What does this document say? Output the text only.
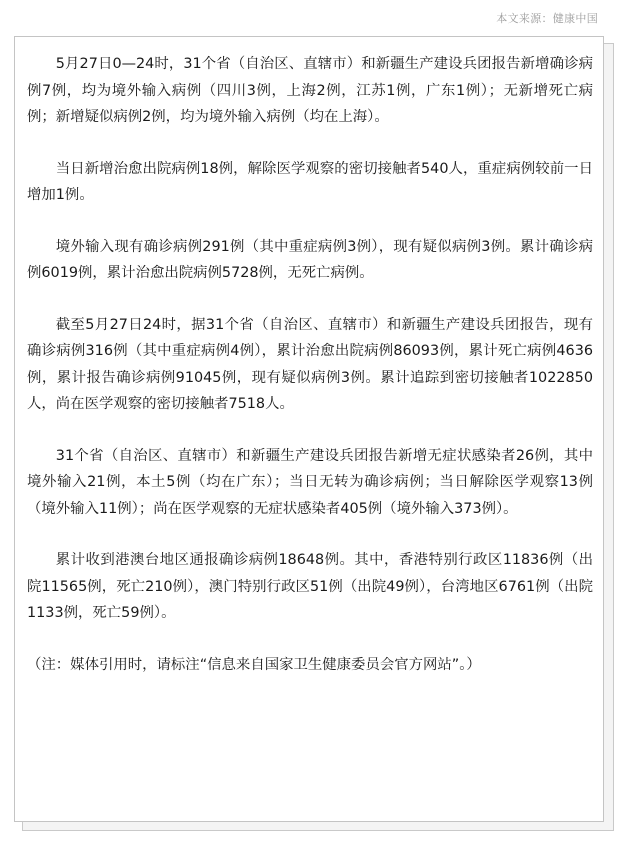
本文来源：健康中国

5月27日0—24时，31个省（自治区、直辖市）和新疆生产建设兵团报告新增确诊病例7例，均为境外输入病例（四川3例，上海2例，江苏1例，广东1例）；无新增死亡病例；新增疑似病例2例，均为境外输入病例（均在上海）。

当日新增治愈出院病例18例，解除医学观察的密切接触者540人，重症病例较前一日增加1例。

境外输入现有确诊病例291例（其中重症病例3例），现有疑似病例3例。累计确诊病例6019例，累计治愈出院病例5728例，无死亡病例。

截至5月27日24时，据31个省（自治区、直辖市）和新疆生产建设兵团报告，现有确诊病例316例（其中重症病例4例），累计治愈出院病例86093例，累计死亡病例4636例，累计报告确诊病例91045例，现有疑似病例3例。累计追踪到密切接触者1022850人，尚在医学观察的密切接触者7518人。

31个省（自治区、直辖市）和新疆生产建设兵团报告新增无症状感染者26例，其中境外输入21例，本土5例（均在广东）；当日无转为确诊病例；当日解除医学观察13例（境外输入11例）；尚在医学观察的无症状感染者405例（境外输入373例）。

累计收到港澳台地区通报确诊病例18648例。其中，香港特别行政区11836例（出院11565例，死亡210例），澳门特别行政区51例（出院49例），台湾地区6761例（出院1133例，死亡59例）。

（注：媒体引用时，请标注“信息来自国家卫生健康委员会官方网站”。）
